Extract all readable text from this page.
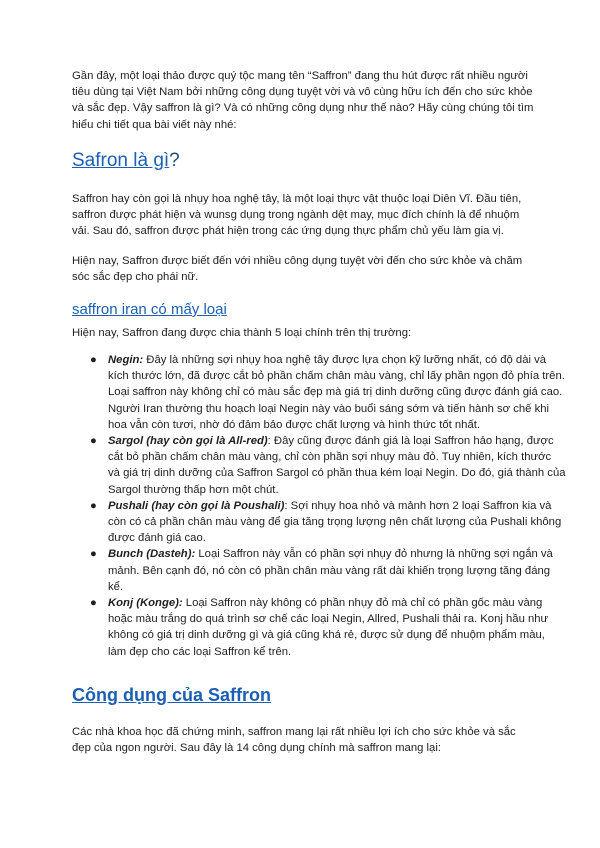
Gần đây, một loại thảo được quý tộc mang tên “Saffron” đang thu hút được rất nhiều người tiêu dùng tại Việt Nam bởi những công dụng tuyệt vời và vô cùng hữu ích đến cho sức khỏe và sắc đẹp. Vậy saffron là gì? Và có những công dụng như thế nào? Hãy cùng chúng tôi tìm hiểu chi tiết qua bài viết này nhé:

Safron là gì?

Saffron hay còn gọi là nhụy hoa nghệ tây, là một loại thực vật thuộc loại Diên Vĩ. Đầu tiên, saffron được phát hiện và wunsg dụng trong ngành dệt may, mục đích chính là để nhuộm vải. Sau đó, saffron được phát hiện trong các ứng dụng thực phẩm chủ yếu làm gia vị.

Hiện nay, Saffron được biết đến với nhiều công dụng tuyệt vời đến cho sức khỏe và chăm sóc sắc đẹp cho phái nữ.

saffron iran có mấy loại

Hiện nay, Saffron đang được chia thành 5 loại chính trên thị trường:

● Negin: Đây là những sợi nhụy hoa nghệ tây được lựa chọn kỹ lưỡng nhất, có độ dài và kích thước lớn, đã được cắt bỏ phần chấm chân màu vàng, chỉ lấy phần ngọn đỏ phía trên. Loại saffron này không chỉ có màu sắc đẹp mà giá trị dinh dưỡng cũng được đánh giá cao. Người Iran thường thu hoạch loại Negin này vào buổi sáng sớm và tiến hành sơ chế khi hoa vẫn còn tươi, nhờ đó đảm bảo được chất lượng và hình thức tốt nhất.
● Sargol (hay còn gọi là All-red): Đây cũng được đánh giá là loại Saffron hảo hạng, được cắt bỏ phần chấm chân màu vàng, chỉ còn phần sợi nhụy màu đỏ. Tuy nhiên, kích thước và giá trị dinh dưỡng của Saffron Sargol có phần thua kém loại Negin. Do đó, giá thành của Sargol thường thấp hơn một chút.
● Pushali (hay còn gọi là Poushali): Sợi nhụy hoa nhỏ và mảnh hơn 2 loại Saffron kia và còn có cả phần chân màu vàng để gia tăng trọng lượng nên chất lượng của Pushali không được đánh giá cao.
● Bunch (Dasteh): Loại Saffron này vẫn có phần sợi nhụy đỏ nhưng là những sợi ngắn và mảnh. Bên cạnh đó, nó còn có phần chân màu vàng rất dài khiến trọng lượng tăng đáng kể.
● Konj (Konge): Loại Saffron này không có phần nhụy đỏ mà chỉ có phần gốc màu vàng hoặc màu trắng do quá trình sơ chế các loại Negin, Allred, Pushali thải ra. Konj hầu như không có giá trị dinh dưỡng gì và giá cũng khá rẻ, được sử dụng để nhuộm phẩm màu, làm đẹp cho các loại Saffron kể trên.
Công dụng của Saffron

Các nhà khoa học đã chứng minh, saffron mang lại rất nhiều lợi ích cho sức khỏe và sắc đẹp của ngon người. Sau đây là 14 công dụng chính mà saffron mang lại:
